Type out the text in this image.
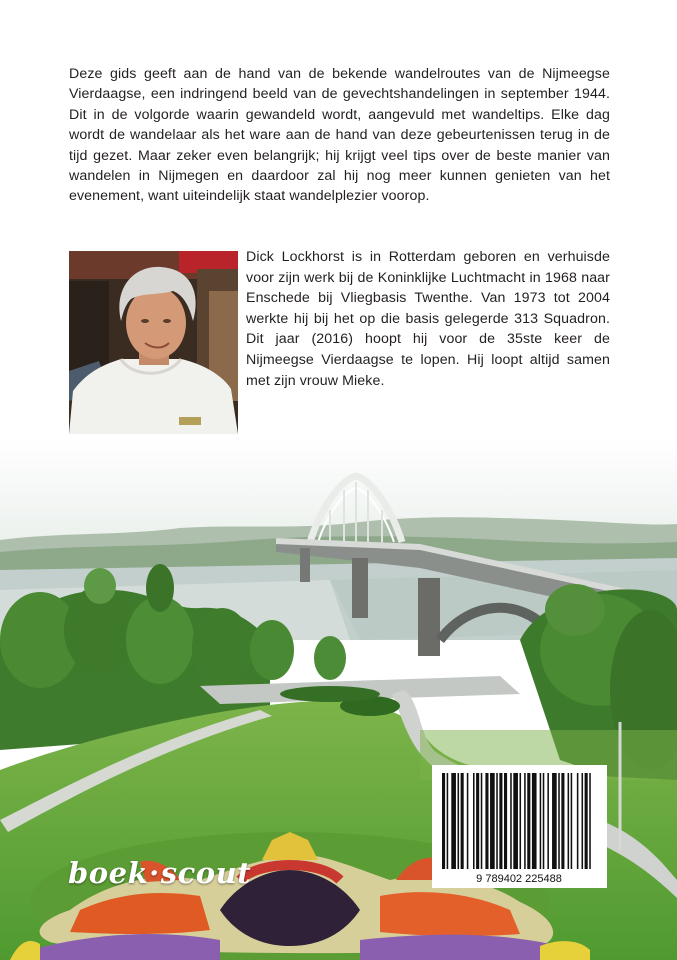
Deze gids geeft aan de hand van de bekende wandelroutes van de Nijmeegse Vierdaagse, een indringend beeld van de gevechtshandelingen in september 1944. Dit in de volgorde waarin gewandeld wordt, aangevuld met wandeltips. Elke dag wordt de wandelaar als het ware aan de hand van deze gebeurtenissen terug in de tijd gezet. Maar zeker even belangrijk; hij krijgt veel tips over de beste manier van wandelen in Nijmegen en daardoor zal hij nog meer kunnen genieten van het evenement, want uiteindelijk staat wandelplezier voorop.

Dick Lockhorst is in Rotterdam geboren en verhuisde voor zijn werk bij de Koninklijke Luchtmacht in 1968 naar Enschede bij Vliegbasis Twenthe. Van 1973 tot 2004 werkte hij bij het op die basis gelegerde 313 Squadron. Dit jaar (2016) hoopt hij voor de 35ste keer de Nijmeegse Vierdaagse te lopen. Hij loopt altijd samen met zijn vrouw Mieke.

9 789402 225488

boek·scout
